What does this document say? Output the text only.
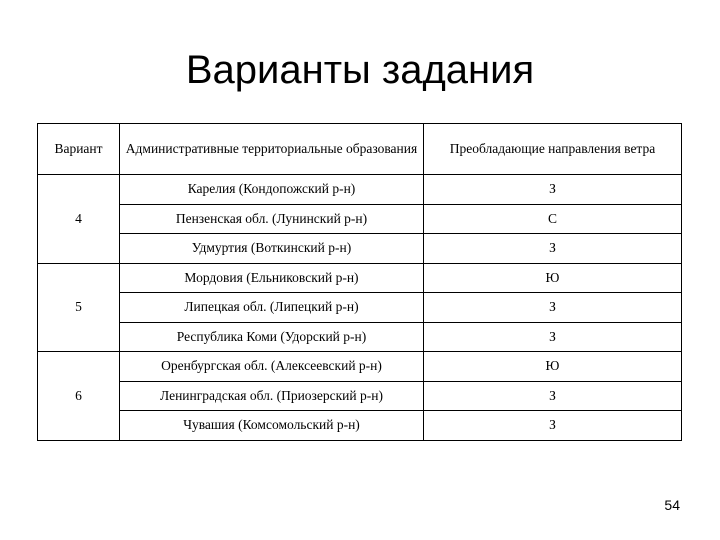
Варианты задания
Вариант	Административные территориальные образования	Преобладающие направления ветра
4	Карелия (Кондопожский р-н)	З
	Пензенская обл. (Лунинский р-н)	С
	Удмуртия (Воткинский р-н)	З
5	Мордовия (Ельниковский р-н)	Ю
	Липецкая обл. (Липецкий р-н)	З
	Республика Коми (Удорский р-н)	З
6	Оренбургская обл. (Алексеевский р-н)	Ю
	Ленинградская обл. (Приозерский р-н)	З
	Чувашия (Комсомольский р-н)	З
54
